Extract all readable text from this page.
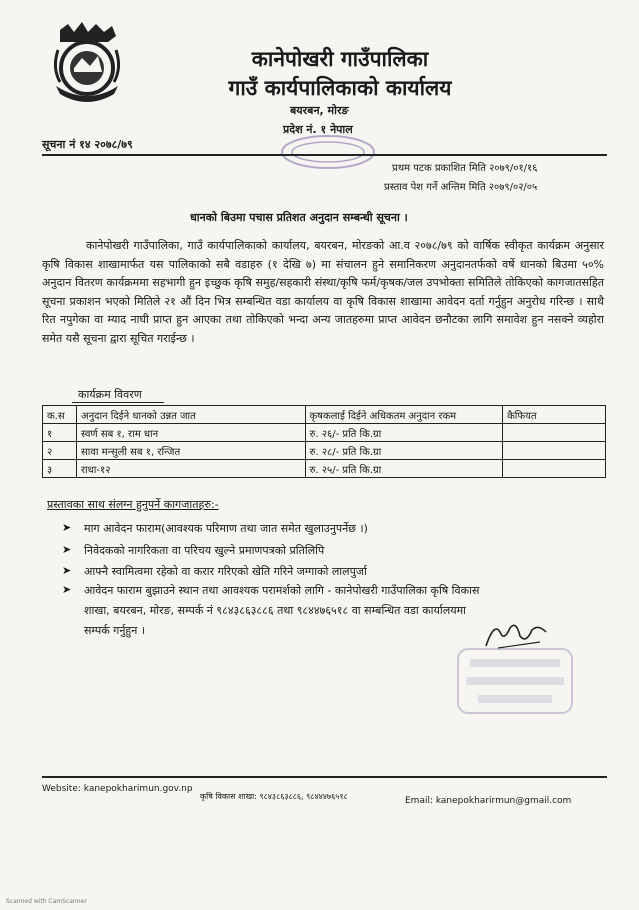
कानेपोखरी गाउँपालिका
गाउँ कार्यपालिकाको कार्यालय
बयरबन, मोरङ
प्रदेश नं. १ नेपाल
सूचना नं १४ २०७८/७९
प्रथम पटक प्रकाशित मिति २०७९/०१/१६
प्रस्ताव पेश गर्ने अन्तिम मिति २०७९/०२/०५
धानको बिउमा पचास प्रतिशत अनुदान सम्बन्धी सूचना ।
कानेपोखरी गाउँपालिका, गाउँ कार्यपालिकाको कार्यालय, बयरबन, मोरङको आ.व २०७८/७९ को वार्षिक स्वीकृत कार्यक्रम अनुसार कृषि विकास शाखामार्फत यस पालिकाको सबै वडाहरु (१ देखि ७) मा संचालन हुने समानिकरण अनुदानतर्फको वर्षे धानको बिउमा ५०% अनुदान वितरण कार्यक्रममा सहभागी हुन इच्छुक कृषि समुह/सहकारी संस्था/कृषि फर्म/कृषक/जल उपभोक्ता समितिले तोकिएको कागजातसहित सूचना प्रकाशन भएको मितिले २१ औं दिन भित्र सम्बन्धित वडा कार्यालय वा कृषि विकास शाखामा आवेदन दर्ता गर्नुहुन अनुरोध गरिन्छ । साथै रित नपुगेका वा म्याद नाघी प्राप्त हुन आएका तथा तोकिएको भन्दा अन्य जातहरुमा प्राप्त आवेदन छनौटका लागि समावेश हुन नसक्ने व्यहोरा समेत यसै सूचना द्वारा सूचित गराईन्छ ।
कार्यक्रम विवरण
क.स	अनुदान दिईने धानको उन्नत जात	कृषकलाई दिईने अधिकतम अनुदान रकम	कैफियत
१	स्वर्ण सब १, राम धान	रु. २६/- प्रति कि.ग्रा	
२	सावा मन्सुली सब १, रन्जित	रु. २८/- प्रति कि.ग्रा	
३	राधा-१२	रु. २५/- प्रति कि.ग्रा	
प्रस्तावका साथ संलग्न हुनुपर्ने कागजातहरु:-
➤ माग आवेदन फाराम(आवश्यक परिमाण तथा जात समेत खुलाउनुपर्नेछ ।)
➤ निवेदकको नागरिकता वा परिचय खुल्ने प्रमाणपत्रको प्रतिलिपि
➤ आफ्नै स्वामित्वमा रहेको वा करार गरिएको खेति गरिने जग्गाको लालपुर्जा
➤ आवेदन फाराम बुझाउने स्थान तथा आवश्यक परामर्शको लागि - कानेपोखरी गाउँपालिका कृषि विकास
शाखा, बयरबन, मोरङ, सम्पर्क नं ९८४३८६३८८६ तथा ९८४४७६५१८ वा सम्बन्धित वडा कार्यालयमा
सम्पर्क गर्नुहुन ।
Website: kanepokharimun.gov.np
कृषि विकास शाखा: ९८४३८६३८८६, ९८४४४७६५१८	Email: kanepokharirmun@gmail.com
Scanned with CamScanner
